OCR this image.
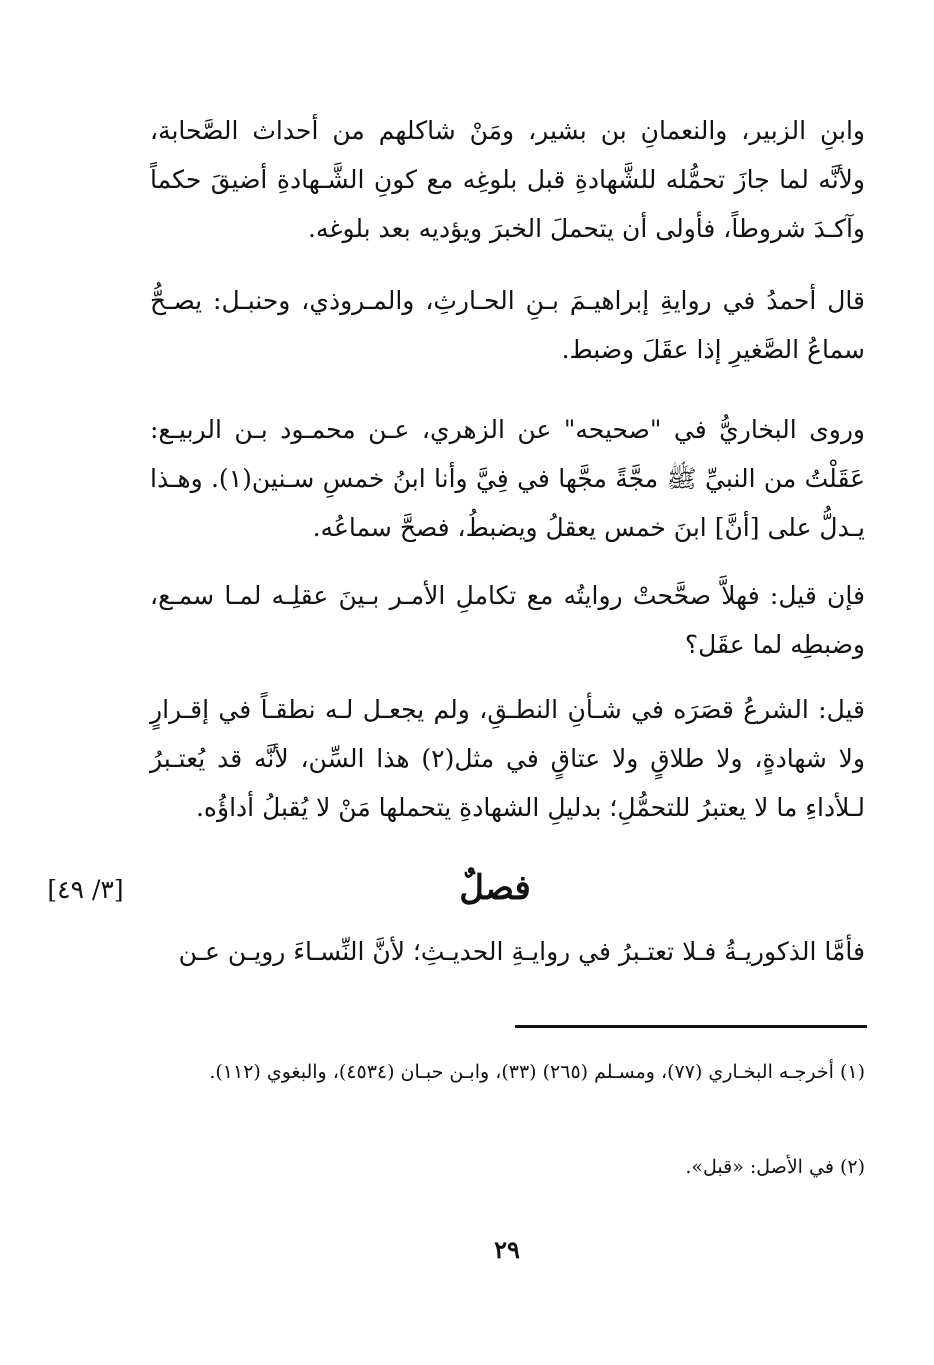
وابنِ الزبير، والنعمانِ بن بشير، ومَنْ شاكلهم من أحداث الصَّحابة، ولأنَّه لما جازَ تحمُّله للشَّهادةِ قبل بلوغِه مع كونِ الشَّـهادةِ أضيقَ حكماً وآكـدَ شروطاً، فأولى أن يتحملَ الخبرَ ويؤديه بعد بلوغه.

قال أحمدُ في روايةِ إبراهيـمَ بـنِ الحـارثِ، والمـروذي، وحنبـل: يصـحُّ سماعُ الصَّغيرِ إذا عقَلَ وضبط.

وروى البخاريُّ في "صحيحه" عن الزهري، عـن محمـود بـن الربيـع: عَقَلْتُ من النبيِّ ﷺ مجَّةً مجَّها في فِيَّ وأنا ابنُ خمسِ سـنين(١). وهـذا يـدلُّ على [أنَّ] ابنَ خمس يعقلُ ويضبطُ، فصحَّ سماعُه.

فإن قيل: فهلاَّ صحَّحتْ روايتُه مع تكاملِ الأمـر بـينَ عقلِـه لمـا سمـع، وضبطِه لما عقَل؟

قيل: الشرعُ قصَرَه في شـأنِ النطـقِ، ولم يجعـل لـه نطقـاً في إقـرارٍ ولا شهادةٍ، ولا طلاقٍ ولا عتاقٍ في مثل(٢) هذا السِّن، لأنَّه قد يُعتـبرُ لـلأداءِ ما لا يعتبرُ للتحمُّلِ؛ بدليلِ الشهادةِ يتحملها مَنْ لا يُقبلُ أداؤُه.

[٣/ ٤٩]	فصلٌ

فأمَّا الذكوريـةُ فـلا تعتـبرُ في روايـةِ الحديـثِ؛ لأنَّ النِّسـاءَ رويـن عـن

(١) أخرجـه البخـاري (٧٧)، ومسـلم (٢٦٥) (٣٣)، وابـن حبـان (٤٥٣٤)، والبغوي (١١٢).

(٢) في الأصل: «قبل».

٢٩
